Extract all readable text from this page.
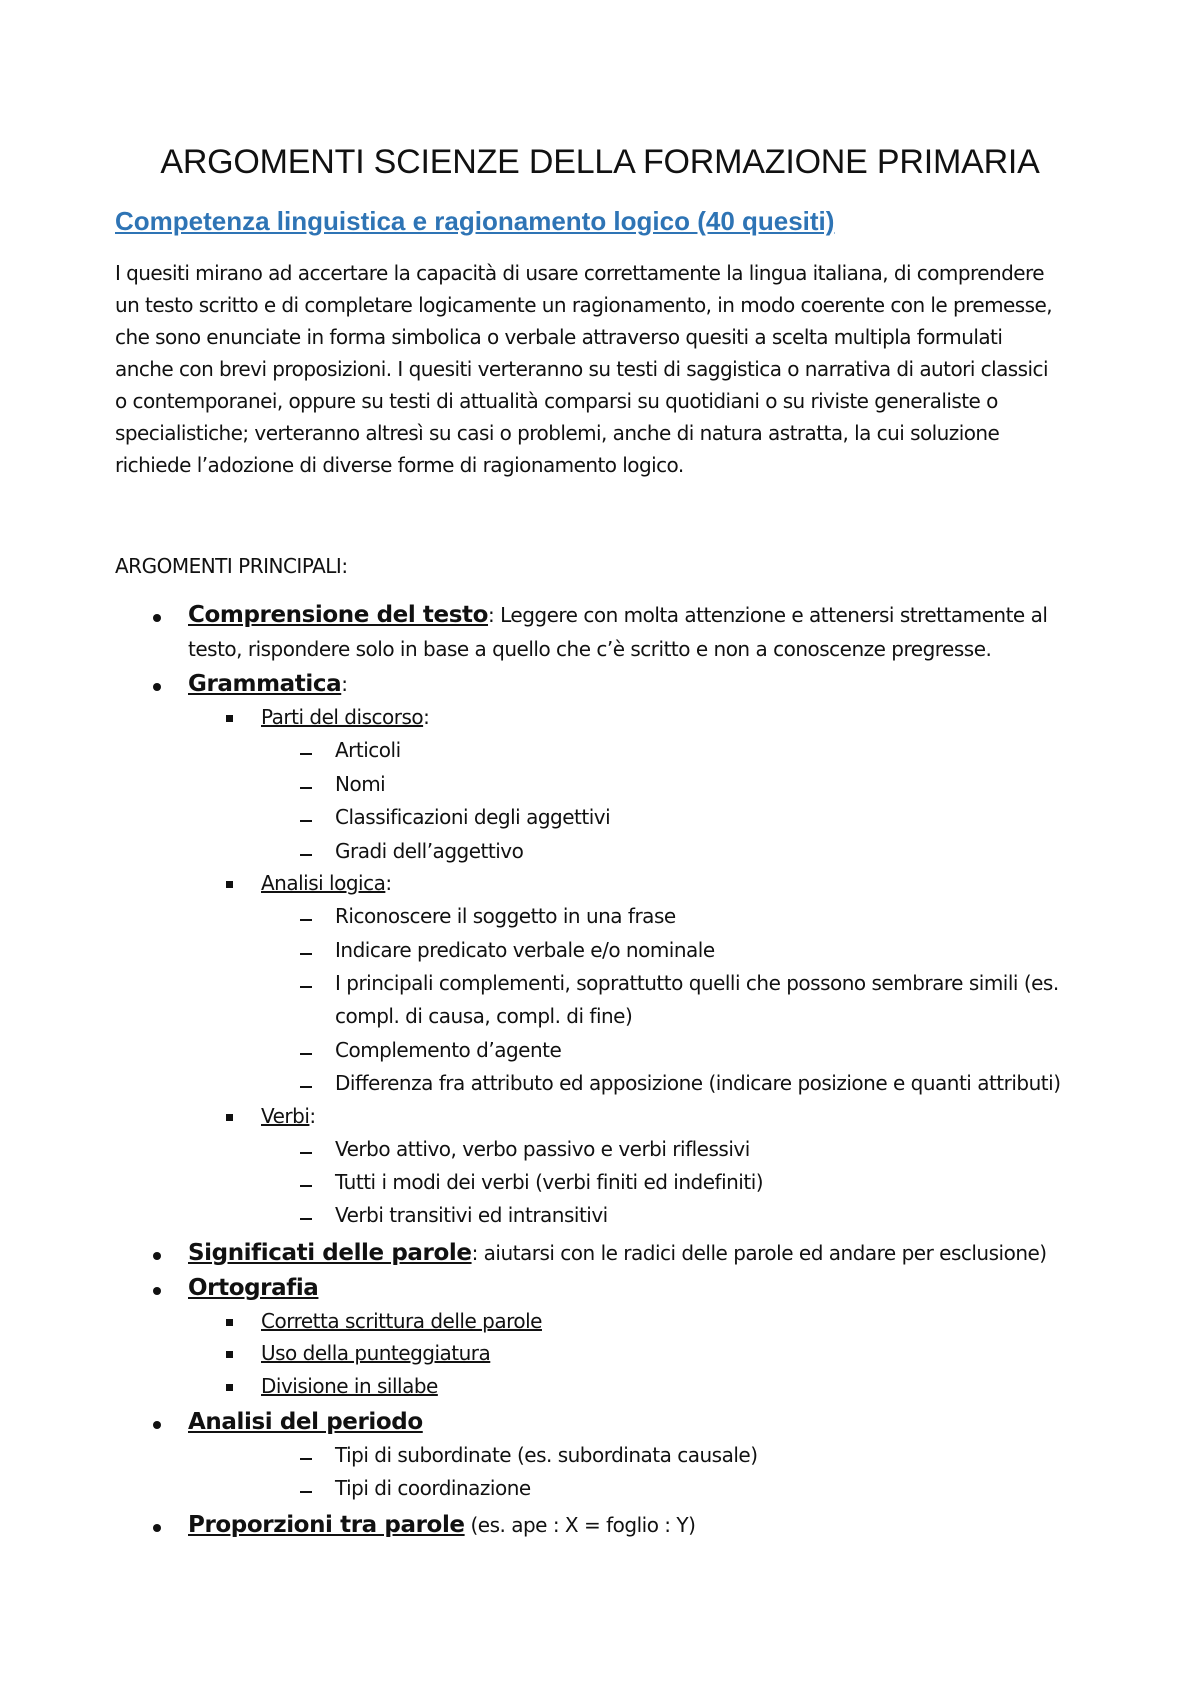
ARGOMENTI SCIENZE DELLA FORMAZIONE PRIMARIA
Competenza linguistica e ragionamento logico (40 quesiti)

I quesiti mirano ad accertare la capacità di usare correttamente la lingua italiana, di comprendere
un testo scritto e di completare logicamente un ragionamento, in modo coerente con le premesse,
che sono enunciate in forma simbolica o verbale attraverso quesiti a scelta multipla formulati
anche con brevi proposizioni. I quesiti verteranno su testi di saggistica o narrativa di autori classici
o contemporanei, oppure su testi di attualità comparsi su quotidiani o su riviste generaliste o
specialistiche; verteranno altresì su casi o problemi, anche di natura astratta, la cui soluzione
richiede l’adozione di diverse forme di ragionamento logico.

ARGOMENTI PRINCIPALI:
Comprensione del testo: Leggere con molta attenzione e attenersi strettamente al
testo, rispondere solo in base a quello che c’è scritto e non a conoscenze pregresse.
Grammatica:
Parti del discorso:
Articoli
Nomi
Classificazioni degli aggettivi
Gradi dell’aggettivo
Analisi logica:
Riconoscere il soggetto in una frase
Indicare predicato verbale e/o nominale
I principali complementi, soprattutto quelli che possono sembrare simili (es.
compl. di causa, compl. di fine)
Complemento d’agente
Differenza fra attributo ed apposizione (indicare posizione e quanti attributi)
Verbi:
Verbo attivo, verbo passivo e verbi riflessivi
Tutti i modi dei verbi (verbi finiti ed indefiniti)
Verbi transitivi ed intransitivi
Significati delle parole: aiutarsi con le radici delle parole ed andare per esclusione)
Ortografia
Corretta scrittura delle parole
Uso della punteggiatura
Divisione in sillabe
Analisi del periodo
Tipi di subordinate (es. subordinata causale)
Tipi di coordinazione
Proporzioni tra parole (es. ape : X = foglio : Y)
